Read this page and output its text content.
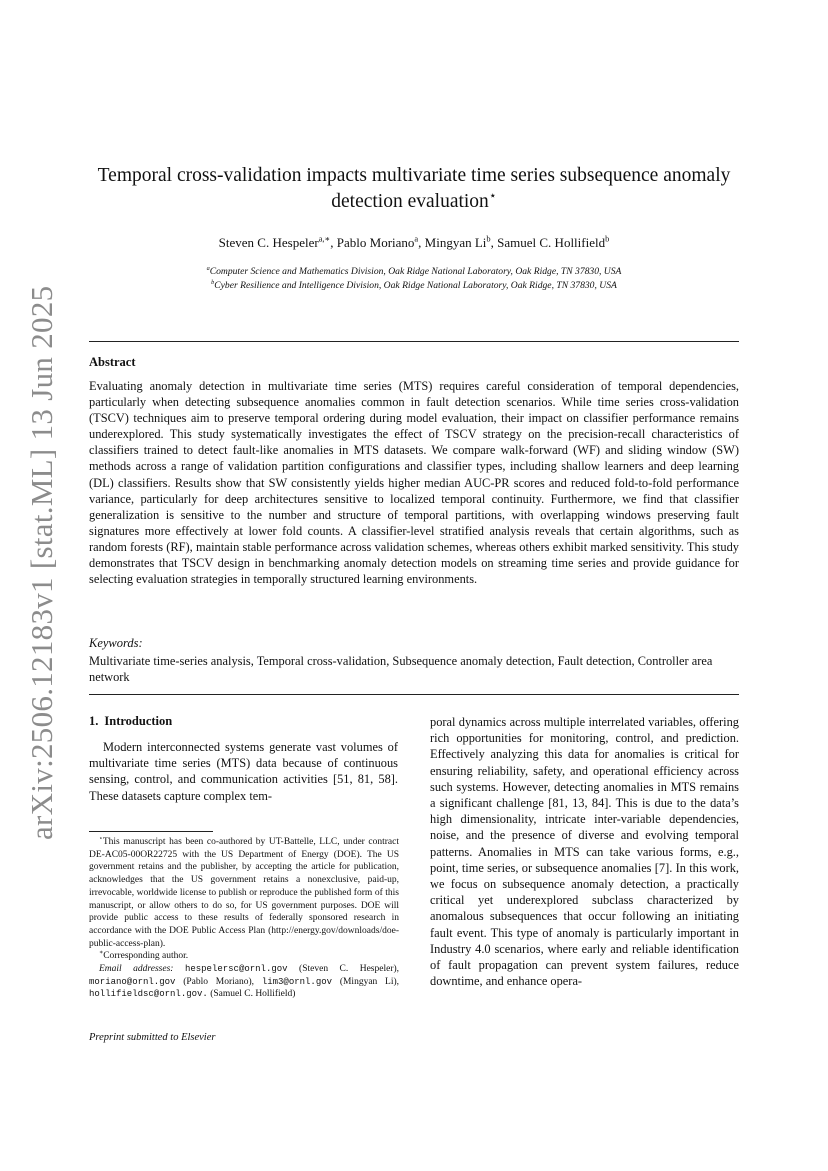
arXiv:2506.12183v1 [stat.ML] 13 Jun 2025
Temporal cross-validation impacts multivariate time series subsequence anomaly detection evaluation⋆
Steven C. Hespeler$^{a,∗}$, Pablo Moriano$^a$, Mingyan Li$^b$, Samuel C. Hollifield$^b$
$^a$Computer Science and Mathematics Division, Oak Ridge National Laboratory, Oak Ridge, TN 37830, USA
$^b$Cyber Resilience and Intelligence Division, Oak Ridge National Laboratory, Oak Ridge, TN 37830, USA
Abstract

Evaluating anomaly detection in multivariate time series (MTS) requires careful consideration of temporal dependencies, particularly when detecting subsequence anomalies common in fault detection scenarios. While time series cross-validation (TSCV) techniques aim to preserve temporal ordering during model evaluation, their impact on classifier performance remains underexplored. This study systematically investigates the effect of TSCV strategy on the precision-recall characteristics of classifiers trained to detect fault-like anomalies in MTS datasets. We compare walk-forward (WF) and sliding window (SW) methods across a range of validation partition configurations and classifier types, including shallow learners and deep learning (DL) classifiers. Results show that SW consistently yields higher median AUC-PR scores and reduced fold-to-fold performance variance, particularly for deep architectures sensitive to localized temporal continuity. Furthermore, we find that classifier generalization is sensitive to the number and structure of temporal partitions, with overlapping windows preserving fault signatures more effectively at lower fold counts. A classifier-level stratified analysis reveals that certain algorithms, such as random forests (RF), maintain stable performance across validation schemes, whereas others exhibit marked sensitivity. This study demonstrates that TSCV design in benchmarking anomaly detection models on streaming time series and provide guidance for selecting evaluation strategies in temporally structured learning environments.

Keywords:

Multivariate time-series analysis, Temporal cross-validation, Subsequence anomaly detection, Fault detection, Controller area network

1. Introduction

Modern interconnected systems generate vast volumes of multivariate time series (MTS) data because of continuous sensing, control, and communication activities [51, 81, 58]. These datasets capture complex tem-

⋆This manuscript has been co-authored by UT-Battelle, LLC, under contract DE-AC05-00OR22725 with the US Department of Energy (DOE). The US government retains and the publisher, by accepting the article for publication, acknowledges that the US government retains a nonexclusive, paid-up, irrevocable, worldwide license to publish or reproduce the published form of this manuscript, or allow others to do so, for US government purposes. DOE will provide public access to these results of federally sponsored research in accordance with the DOE Public Access Plan (http://energy.gov/downloads/doe-public-access-plan).

∗Corresponding author.

Email addresses: hespelersc@ornl.gov (Steven C. Hespeler), moriano@ornl.gov (Pablo Moriano), lim3@ornl.gov (Mingyan Li), hollifieldsc@ornl.gov. (Samuel C. Hollifield)

poral dynamics across multiple interrelated variables, offering rich opportunities for monitoring, control, and prediction. Effectively analyzing this data for anomalies is critical for ensuring reliability, safety, and operational efficiency across such systems. However, detecting anomalies in MTS remains a significant challenge [81, 13, 84]. This is due to the data’s high dimensionality, intricate inter-variable dependencies, noise, and the presence of diverse and evolving temporal patterns. Anomalies in MTS can take various forms, e.g., point, time series, or subsequence anomalies [7]. In this work, we focus on subsequence anomaly detection, a practically critical yet underexplored subclass characterized by anomalous subsequences that occur following an initiating fault event. This type of anomaly is particularly important in Industry 4.0 scenarios, where early and reliable identification of fault propagation can prevent system failures, reduce downtime, and enhance opera-

Preprint submitted to Elsevier
